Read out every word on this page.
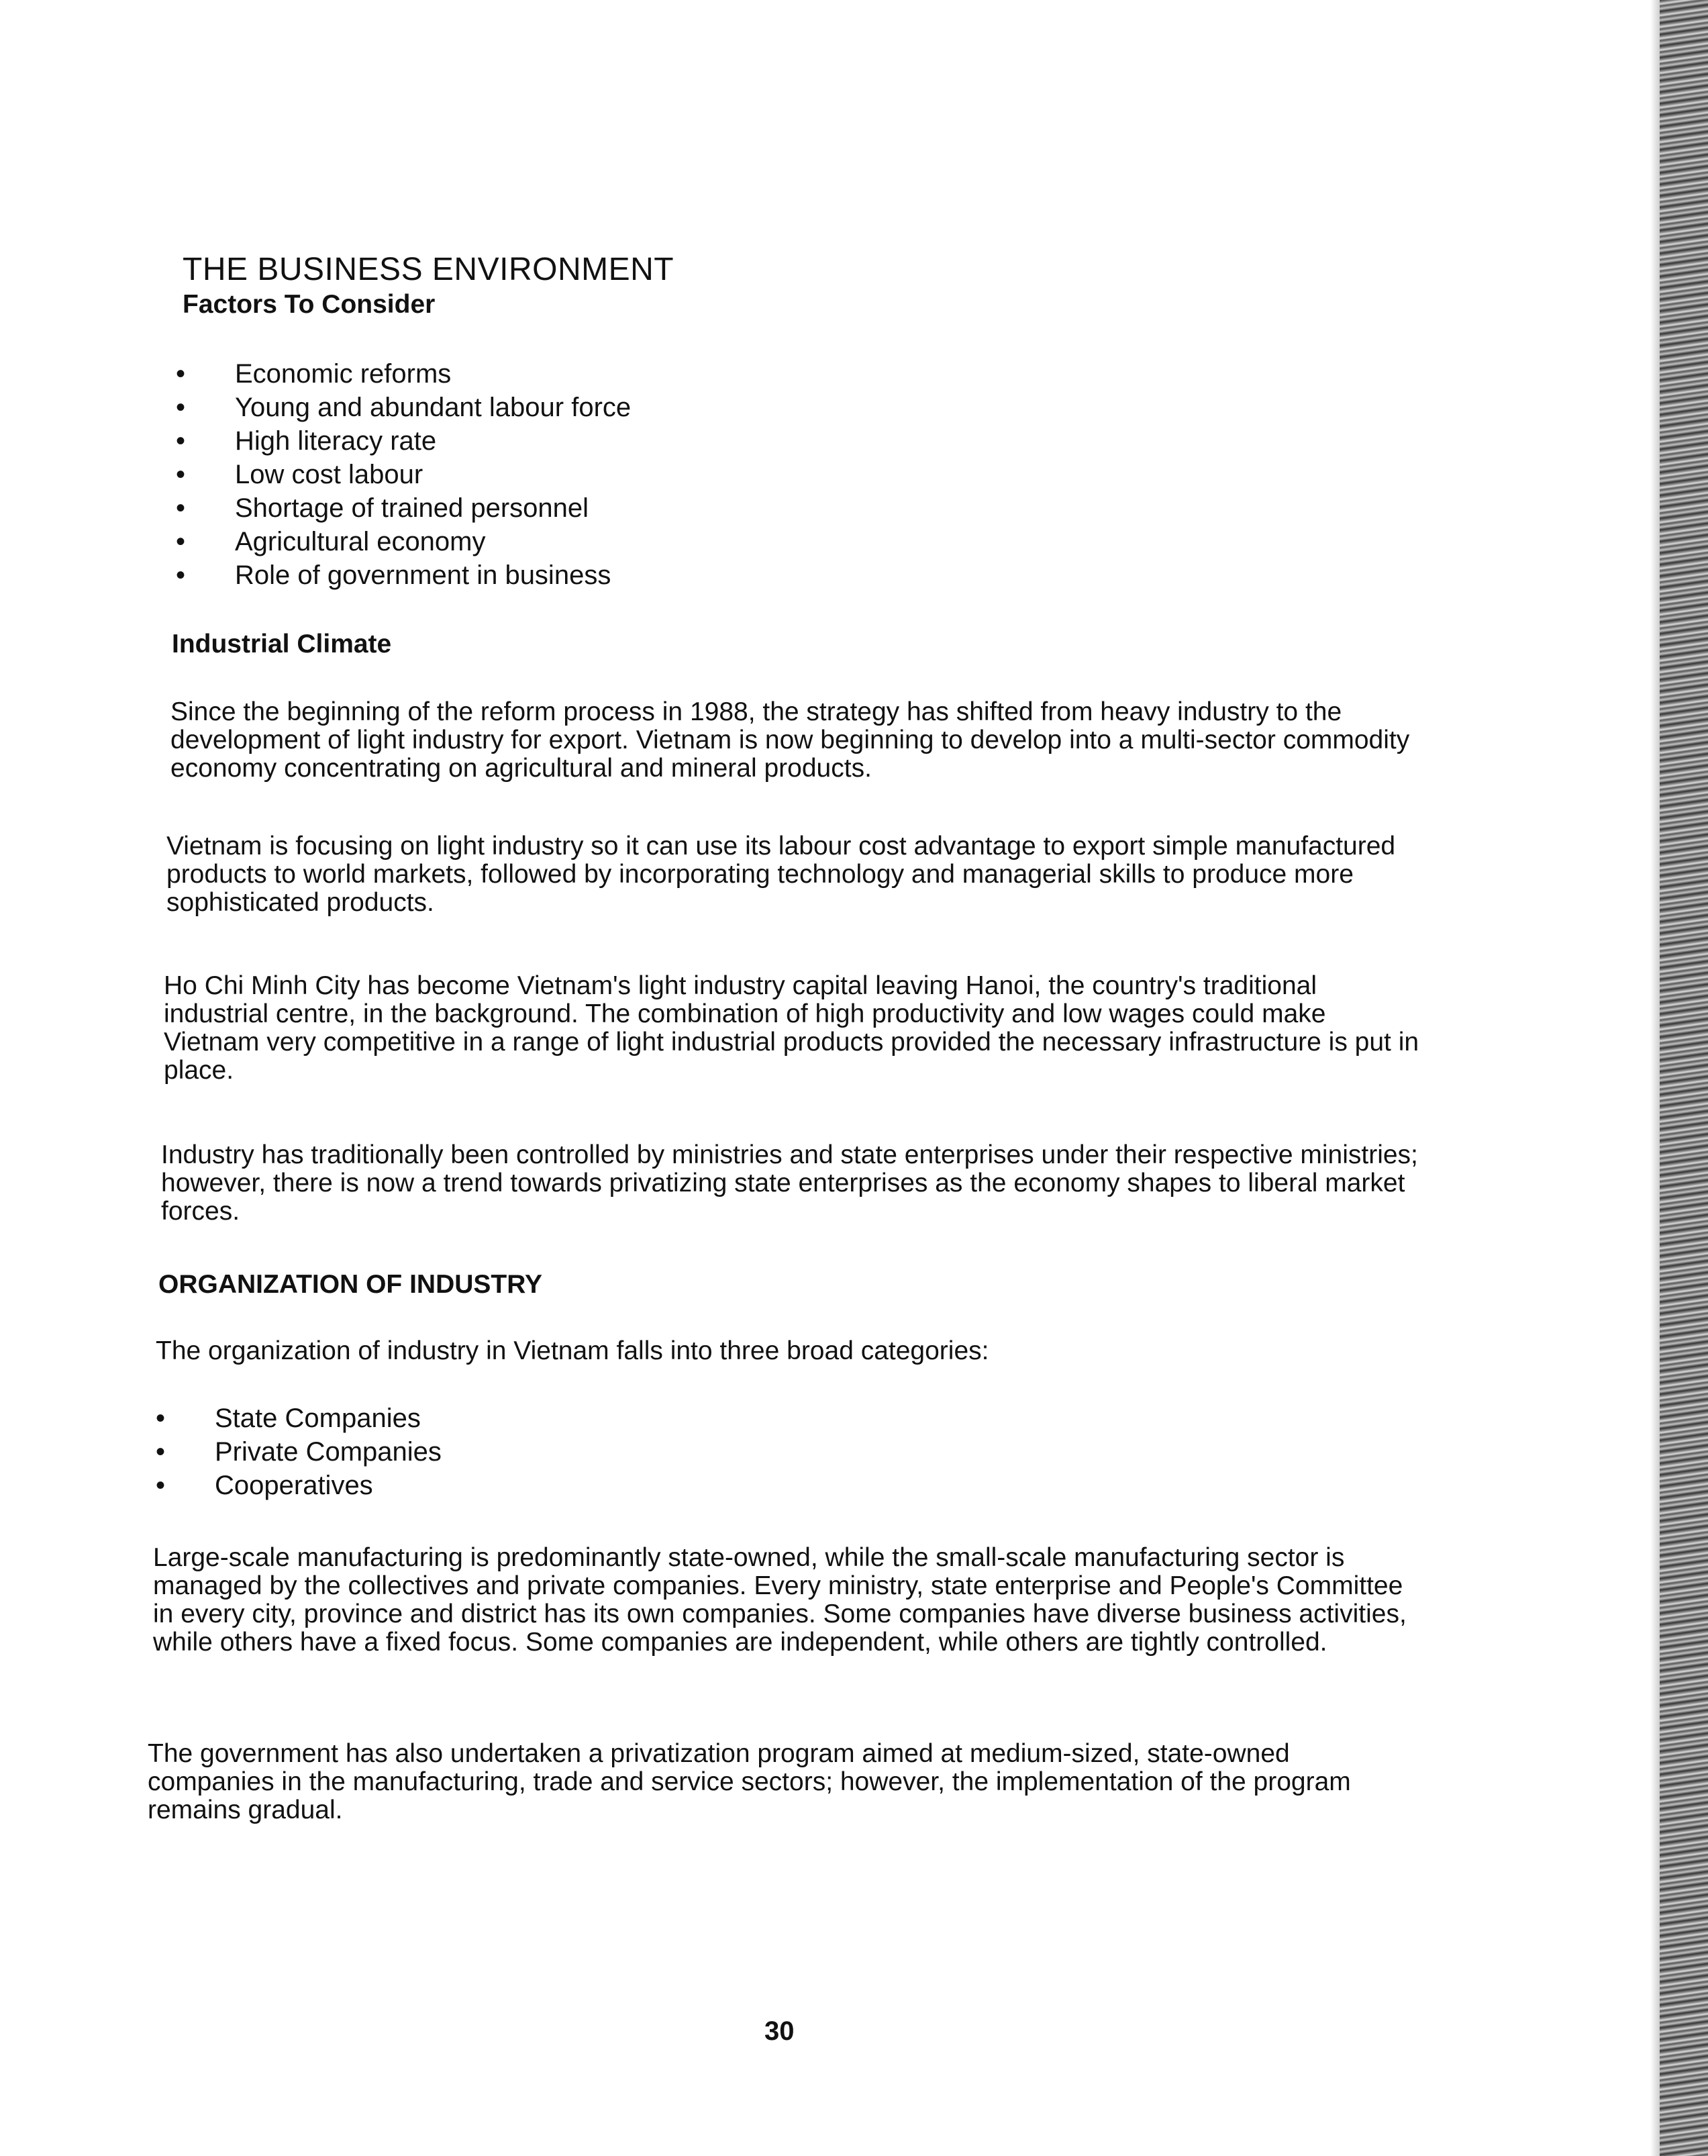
THE BUSINESS ENVIRONMENT
Factors To Consider
• Economic reforms
• Young and abundant labour force
• High literacy rate
• Low cost labour
• Shortage of trained personnel
• Agricultural economy
• Role of government in business
Industrial Climate

Since the beginning of the reform process in 1988, the strategy has shifted from heavy industry to the development of light industry for export. Vietnam is now beginning to develop into a multi-sector commodity economy concentrating on agricultural and mineral products.

Vietnam is focusing on light industry so it can use its labour cost advantage to export simple manufactured products to world markets, followed by incorporating technology and managerial skills to produce more sophisticated products.

Ho Chi Minh City has become Vietnam's light industry capital leaving Hanoi, the country's traditional industrial centre, in the background. The combination of high productivity and low wages could make Vietnam very competitive in a range of light industrial products provided the necessary infrastructure is put in place.

Industry has traditionally been controlled by ministries and state enterprises under their respective ministries; however, there is now a trend towards privatizing state enterprises as the economy shapes to liberal market forces.

ORGANIZATION OF INDUSTRY

The organization of industry in Vietnam falls into three broad categories:

• State Companies
• Private Companies
• Cooperatives

Large-scale manufacturing is predominantly state-owned, while the small-scale manufacturing sector is managed by the collectives and private companies. Every ministry, state enterprise and People's Committee in every city, province and district has its own companies. Some companies have diverse business activities, while others have a fixed focus. Some companies are independent, while others are tightly controlled.

The government has also undertaken a privatization program aimed at medium-sized, state-owned companies in the manufacturing, trade and service sectors; however, the implementation of the program remains gradual.

30
